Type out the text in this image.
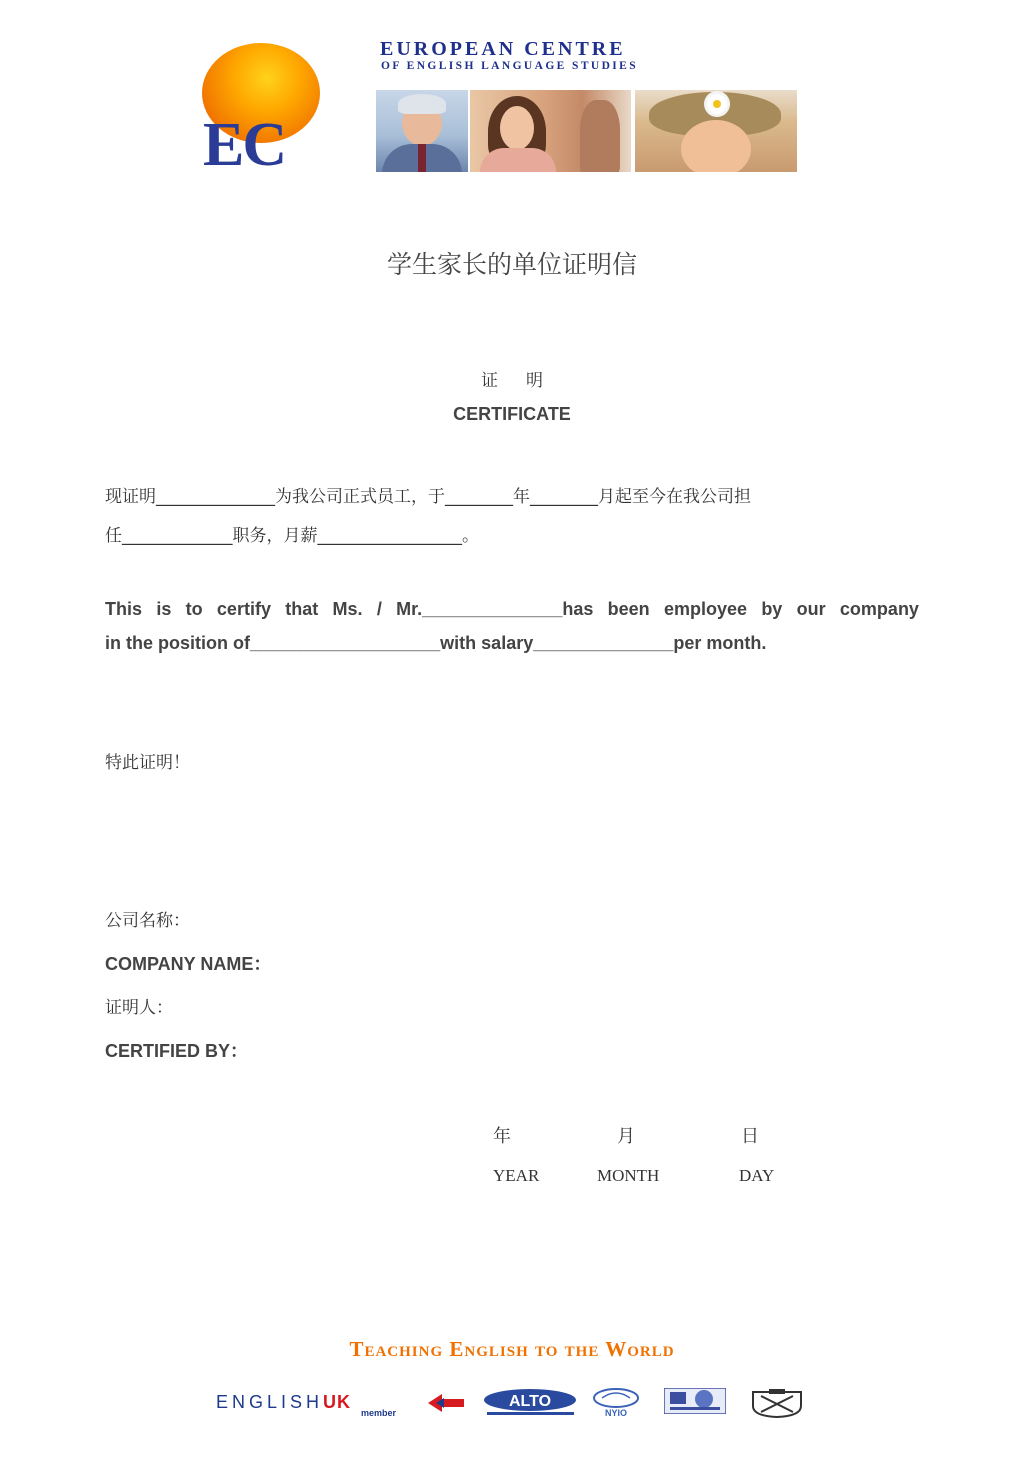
EC
EUROPEAN CENTRE
OF ENGLISH LANGUAGE STUDIES
学生家长的单位证明信
证明
CERTIFICATE
现证明______________为我公司正式员工，于________年________月起至今在我公司担
任_____________职务，月薪_________________。
This is to certify that Ms. / Mr.______________has been employee by our company
in the position of___________________with salary______________per month.
特此证明！
公司名称：
COMPANY NAME：
证明人：
CERTIFIED BY：
年	月	日
YEAR	MONTH	DAY
Teaching English to the World
ENGLISHUK
member
ALTO
NYIO
